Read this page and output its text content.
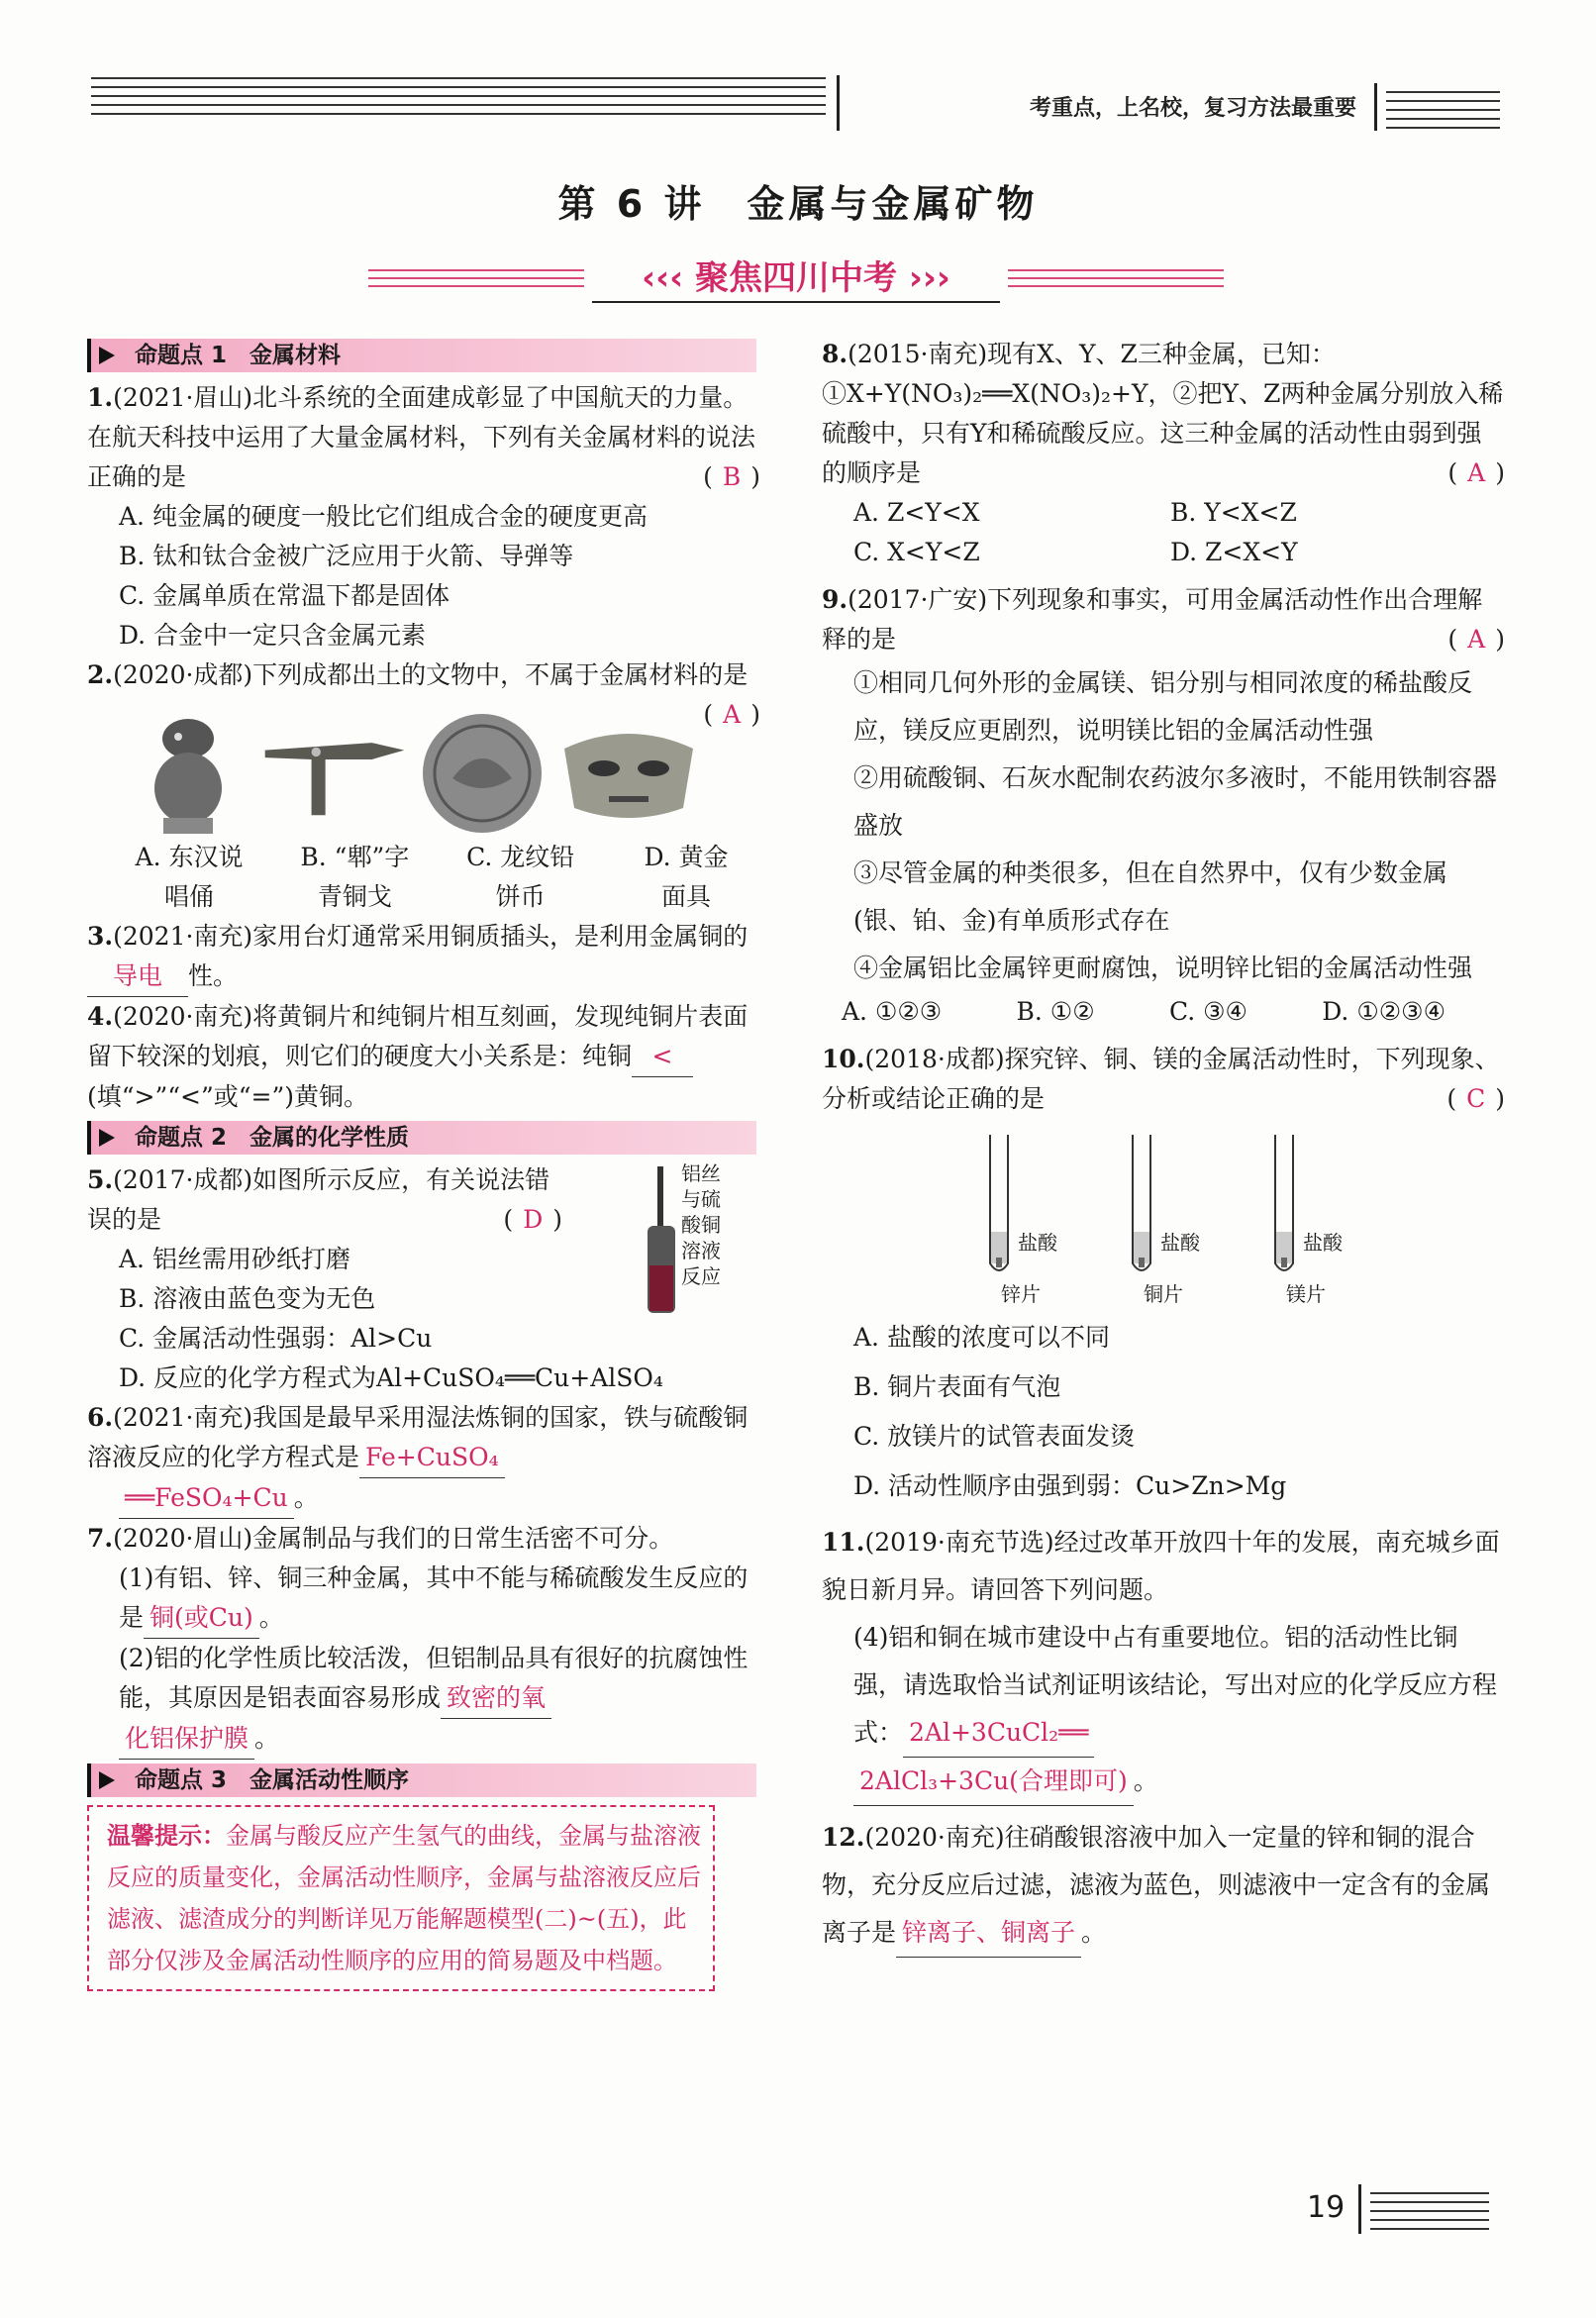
考重点，上名校，复习方法最重要
第 6 讲　金属与金属矿物
‹‹‹ 聚焦四川中考 ›››
命题点 1　金属材料
1.(2021·眉山)北斗系统的全面建成彰显了中国航天的力量。在航天科技中运用了大量金属材料，下列有关金属材料的说法正确的是	( B )
A. 纯金属的硬度一般比它们组成合金的硬度更高
B. 钛和钛合金被广泛应用于火箭、导弹等
C. 金属单质在常温下都是固体
D. 合金中一定只含金属元素
2.(2020·成都)下列成都出土的文物中，不属于金属材料的是
( A )
A. 东汉说
唱俑
B. “郫”字
青铜戈
C. 龙纹铅
饼币
D. 黄金
面具
3.(2021·南充)家用台灯通常采用铜质插头，是利用金属铜的导电 性。
4.(2020·南充)将黄铜片和纯铜片相互刻画，发现纯铜片表面留下较深的划痕，则它们的硬度大小关系是：纯铜 <(填“>”“<”或“=”)黄铜。
命题点 2　金属的化学性质
5.(2017·成都)如图所示反应，有关说法错误的是	( D )
铝丝与硫酸铜溶液反应
A. 铝丝需用砂纸打磨
B. 溶液由蓝色变为无色
C. 金属活动性强弱：Al>Cu
D. 反应的化学方程式为Al+CuSO₄══Cu+AlSO₄
6.(2021·南充)我国是最早采用湿法炼铜的国家，铁与硫酸铜溶液反应的化学方程式是 Fe+CuSO₄
══FeSO₄+Cu 。
7.(2020·眉山)金属制品与我们的日常生活密不可分。
(1)有铝、锌、铜三种金属，其中不能与稀硫酸发生反应的是 铜(或Cu) 。
(2)铝的化学性质比较活泼，但铝制品具有很好的抗腐蚀性能，其原因是铝表面容易形成 致密的氧
化铝保护膜 。
命题点 3　金属活动性顺序
温馨提示：金属与酸反应产生氢气的曲线，金属与盐溶液反应的质量变化，金属活动性顺序，金属与盐溶液反应后滤液、滤渣成分的判断详见万能解题模型(二)~(五)，此部分仅涉及金属活动性顺序的应用的简易题及中档题。
8.(2015·南充)现有X、Y、Z三种金属，已知：①X+Y(NO₃)₂══X(NO₃)₂+Y，②把Y、Z两种金属分别放入稀硫酸中，只有Y和稀硫酸反应。这三种金属的活动性由弱到强的顺序是	( A )
A. Z<Y<X	B. Y<X<Z
C. X<Y<Z	D. Z<X<Y
9.(2017·广安)下列现象和事实，可用金属活动性作出合理解释的是	( A )
①相同几何外形的金属镁、铝分别与相同浓度的稀盐酸反应，镁反应更剧烈，说明镁比铝的金属活动性强
②用硫酸铜、石灰水配制农药波尔多液时，不能用铁制容器盛放
③尽管金属的种类很多，但在自然界中，仅有少数金属(银、铂、金)有单质形式存在
④金属铝比金属锌更耐腐蚀，说明锌比铝的金属活动性强
A. ①②③	B. ①②	C. ③④	D. ①②③④
10.(2018·成都)探究锌、铜、镁的金属活动性时，下列现象、分析或结论正确的是	( C )
盐酸
锌片
盐酸
铜片
盐酸
镁片
A. 盐酸的浓度可以不同
B. 铜片表面有气泡
C. 放镁片的试管表面发烫
D. 活动性顺序由强到弱：Cu>Zn>Mg
11.(2019·南充节选)经过改革开放四十年的发展，南充城乡面貌日新月异。请回答下列问题。
(4)铝和铜在城市建设中占有重要地位。铝的活动性比铜强，请选取恰当试剂证明该结论，写出对应的化学反应方程式： 2Al+3CuCl₂══
2AlCl₃+3Cu(合理即可) 。
12.(2020·南充)往硝酸银溶液中加入一定量的锌和铜的混合物，充分反应后过滤，滤液为蓝色，则滤液中一定含有的金属离子是 锌离子、铜离子 。
19
